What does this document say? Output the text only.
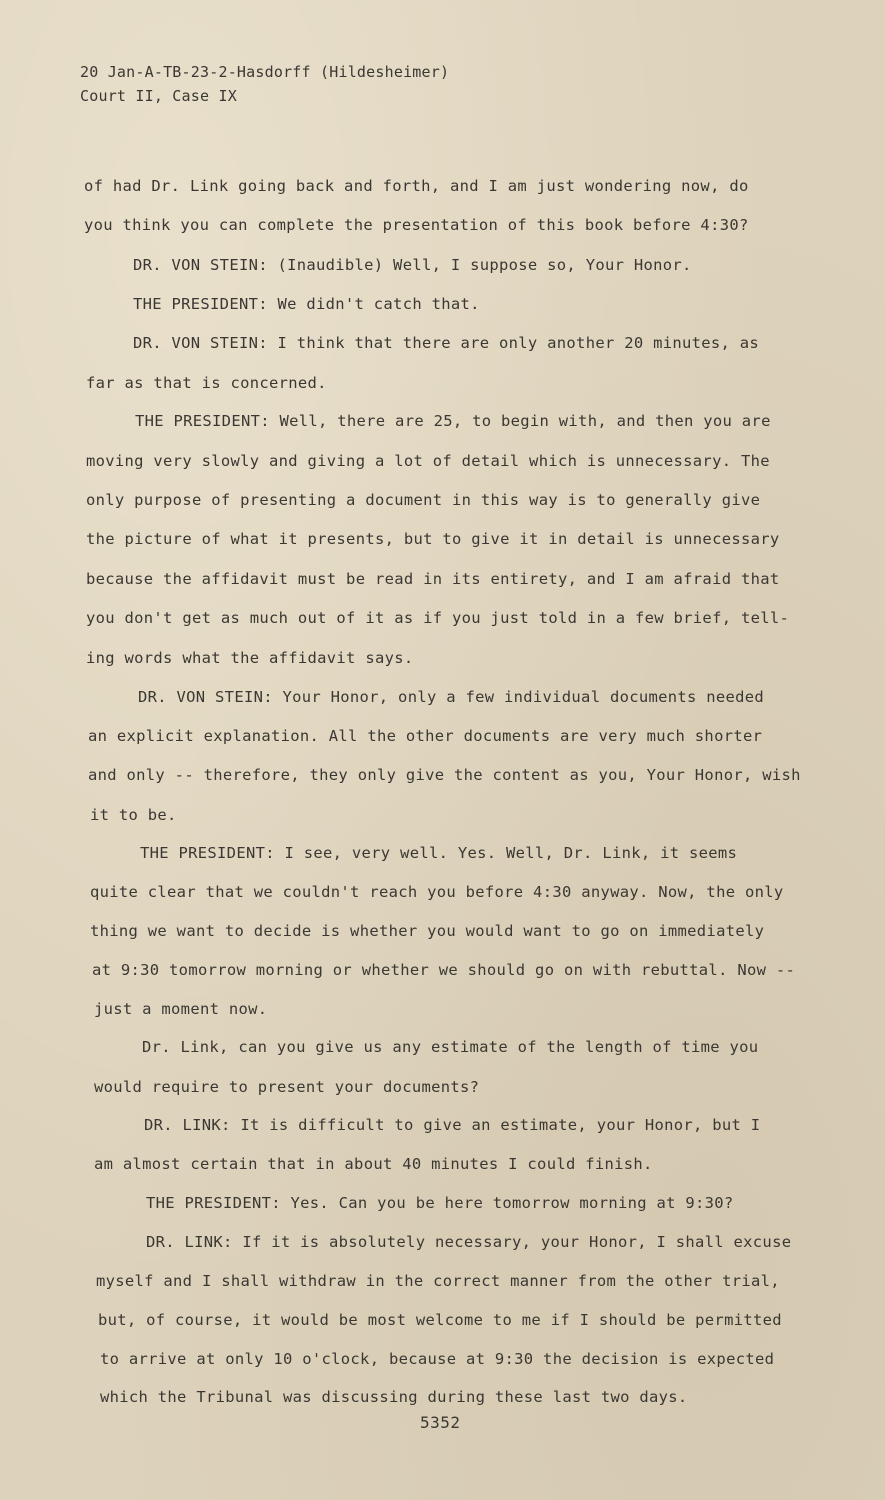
20 Jan-A-TB-23-2-Hasdorff (Hildesheimer)
Court II, Case IX
of had Dr. Link going back and forth, and I am just wondering now, do
you think you can complete the presentation of this book before 4:30?
DR. VON STEIN: (Inaudible) Well, I suppose so, Your Honor.
THE PRESIDENT: We didn't catch that.
DR. VON STEIN: I think that there are only another 20 minutes, as
far as that is concerned.
THE PRESIDENT: Well, there are 25, to begin with, and then you are
moving very slowly and giving a lot of detail which is unnecessary. The
only purpose of presenting a document in this way is to generally give
the picture of what it presents, but to give it in detail is unnecessary
because the affidavit must be read in its entirety, and I am afraid that
you don't get as much out of it as if you just told in a few brief, tell-
ing words what the affidavit says.
DR. VON STEIN: Your Honor, only a few individual documents needed
an explicit explanation. All the other documents are very much shorter
and only -- therefore, they only give the content as you, Your Honor, wish
it to be.
THE PRESIDENT: I see, very well. Yes. Well, Dr. Link, it seems
quite clear that we couldn't reach you before 4:30 anyway. Now, the only
thing we want to decide is whether you would want to go on immediately
at 9:30 tomorrow morning or whether we should go on with rebuttal. Now --
just a moment now.
Dr. Link, can you give us any estimate of the length of time you
would require to present your documents?
DR. LINK: It is difficult to give an estimate, your Honor, but I
am almost certain that in about 40 minutes I could finish.
THE PRESIDENT: Yes. Can you be here tomorrow morning at 9:30?
DR. LINK: If it is absolutely necessary, your Honor, I shall excuse
myself and I shall withdraw in the correct manner from the other trial,
but, of course, it would be most welcome to me if I should be permitted
to arrive at only 10 o'clock, because at 9:30 the decision is expected
which the Tribunal was discussing during these last two days.
5352
